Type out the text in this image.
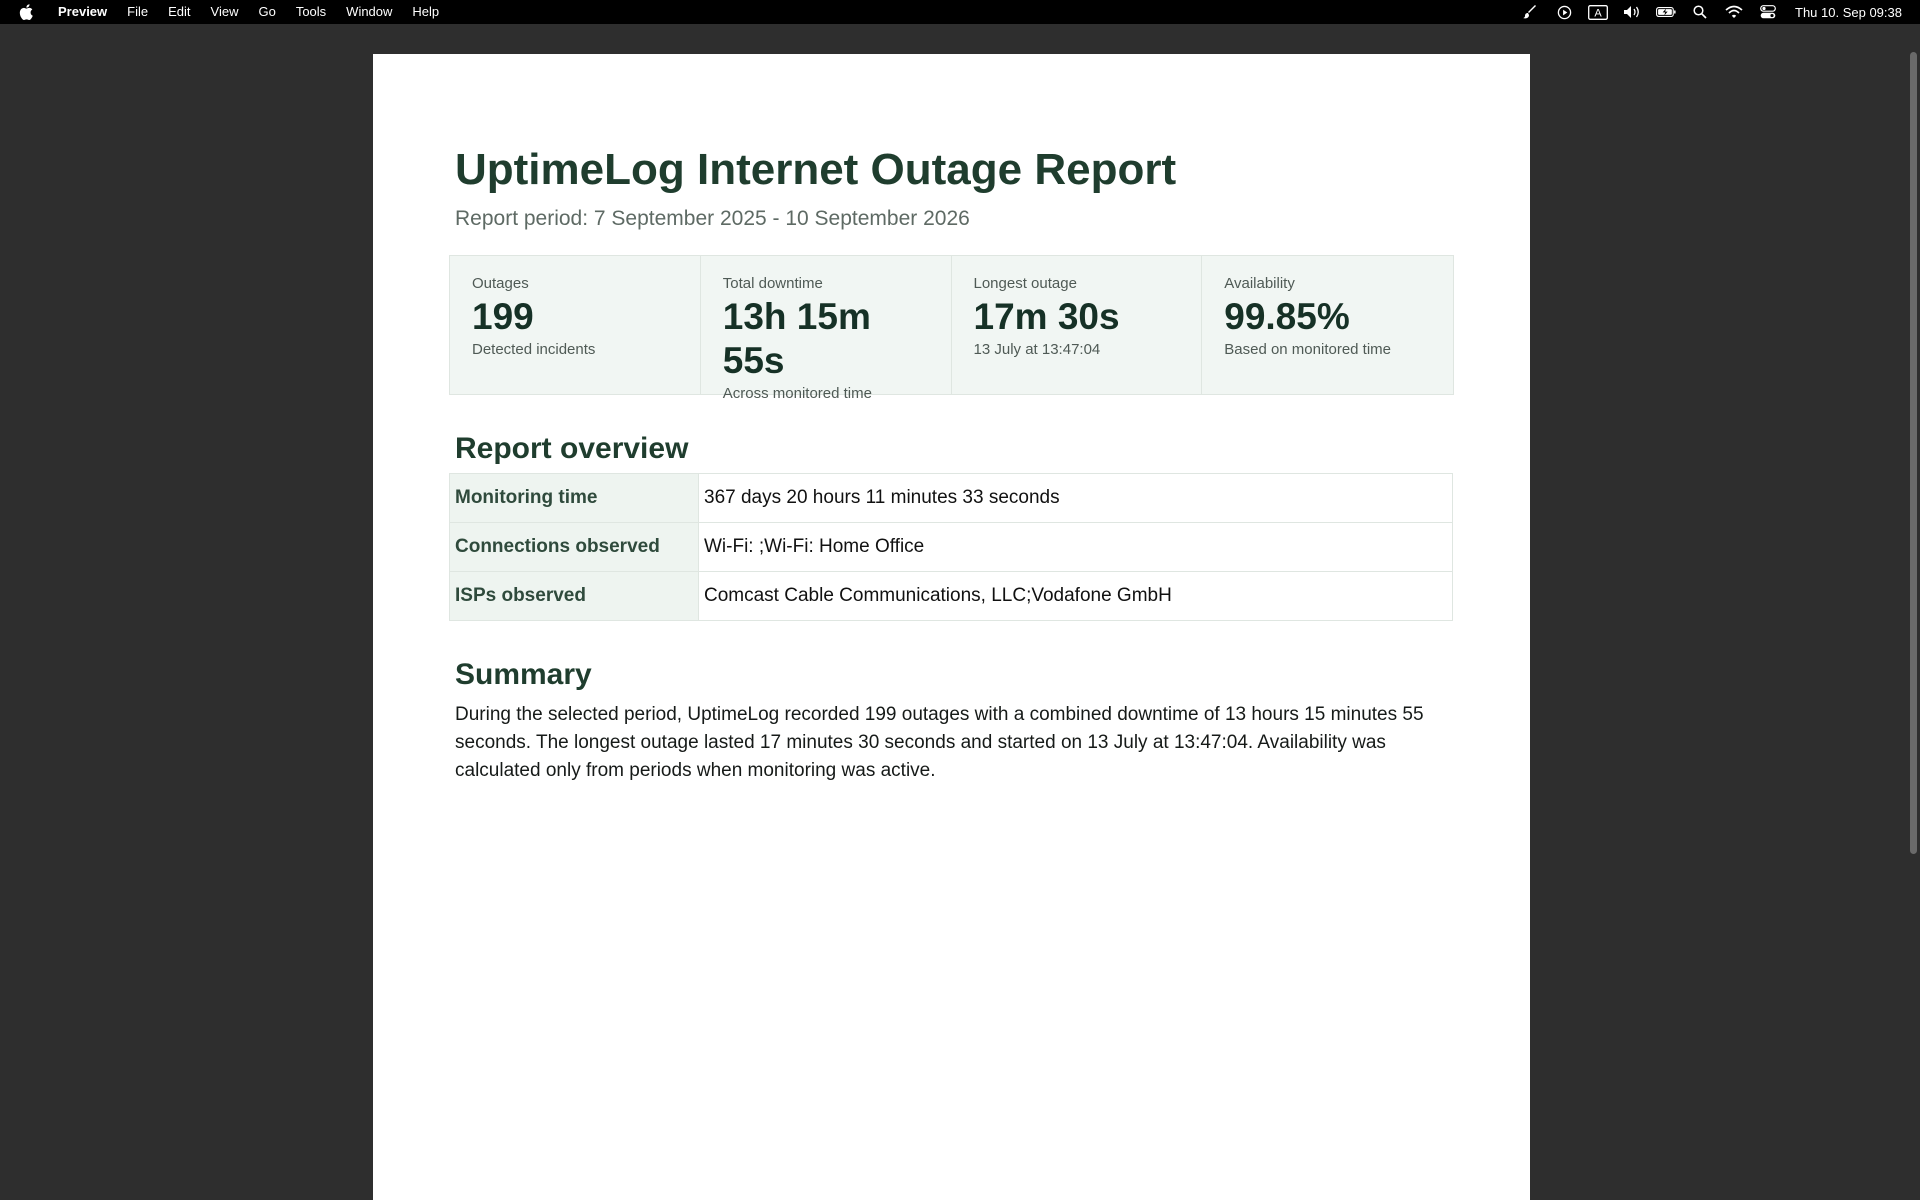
Preview	File	Edit	View	Go	Tools	Window	Help	A	Thu 10. Sep 09:38
UptimeLog Internet Outage Report
Report period: 7 September 2025 - 10 September 2026
Outages
199
Detected incidents
Total downtime
13h 15m 55s
Across monitored time
Longest outage
17m 30s
13 July at 13:47:04
Availability
99.85%
Based on monitored time
Report overview
Monitoring time	367 days 20 hours 11 minutes 33 seconds
Connections observed	Wi-Fi: ;Wi-Fi: Home Office
ISPs observed	Comcast Cable Communications, LLC;Vodafone GmbH
Summary
During the selected period, UptimeLog recorded 199 outages with a combined downtime of 13 hours 15 minutes 55 seconds. The longest outage lasted 17 minutes 30 seconds and started on 13 July at 13:47:04. Availability was calculated only from periods when monitoring was active.
